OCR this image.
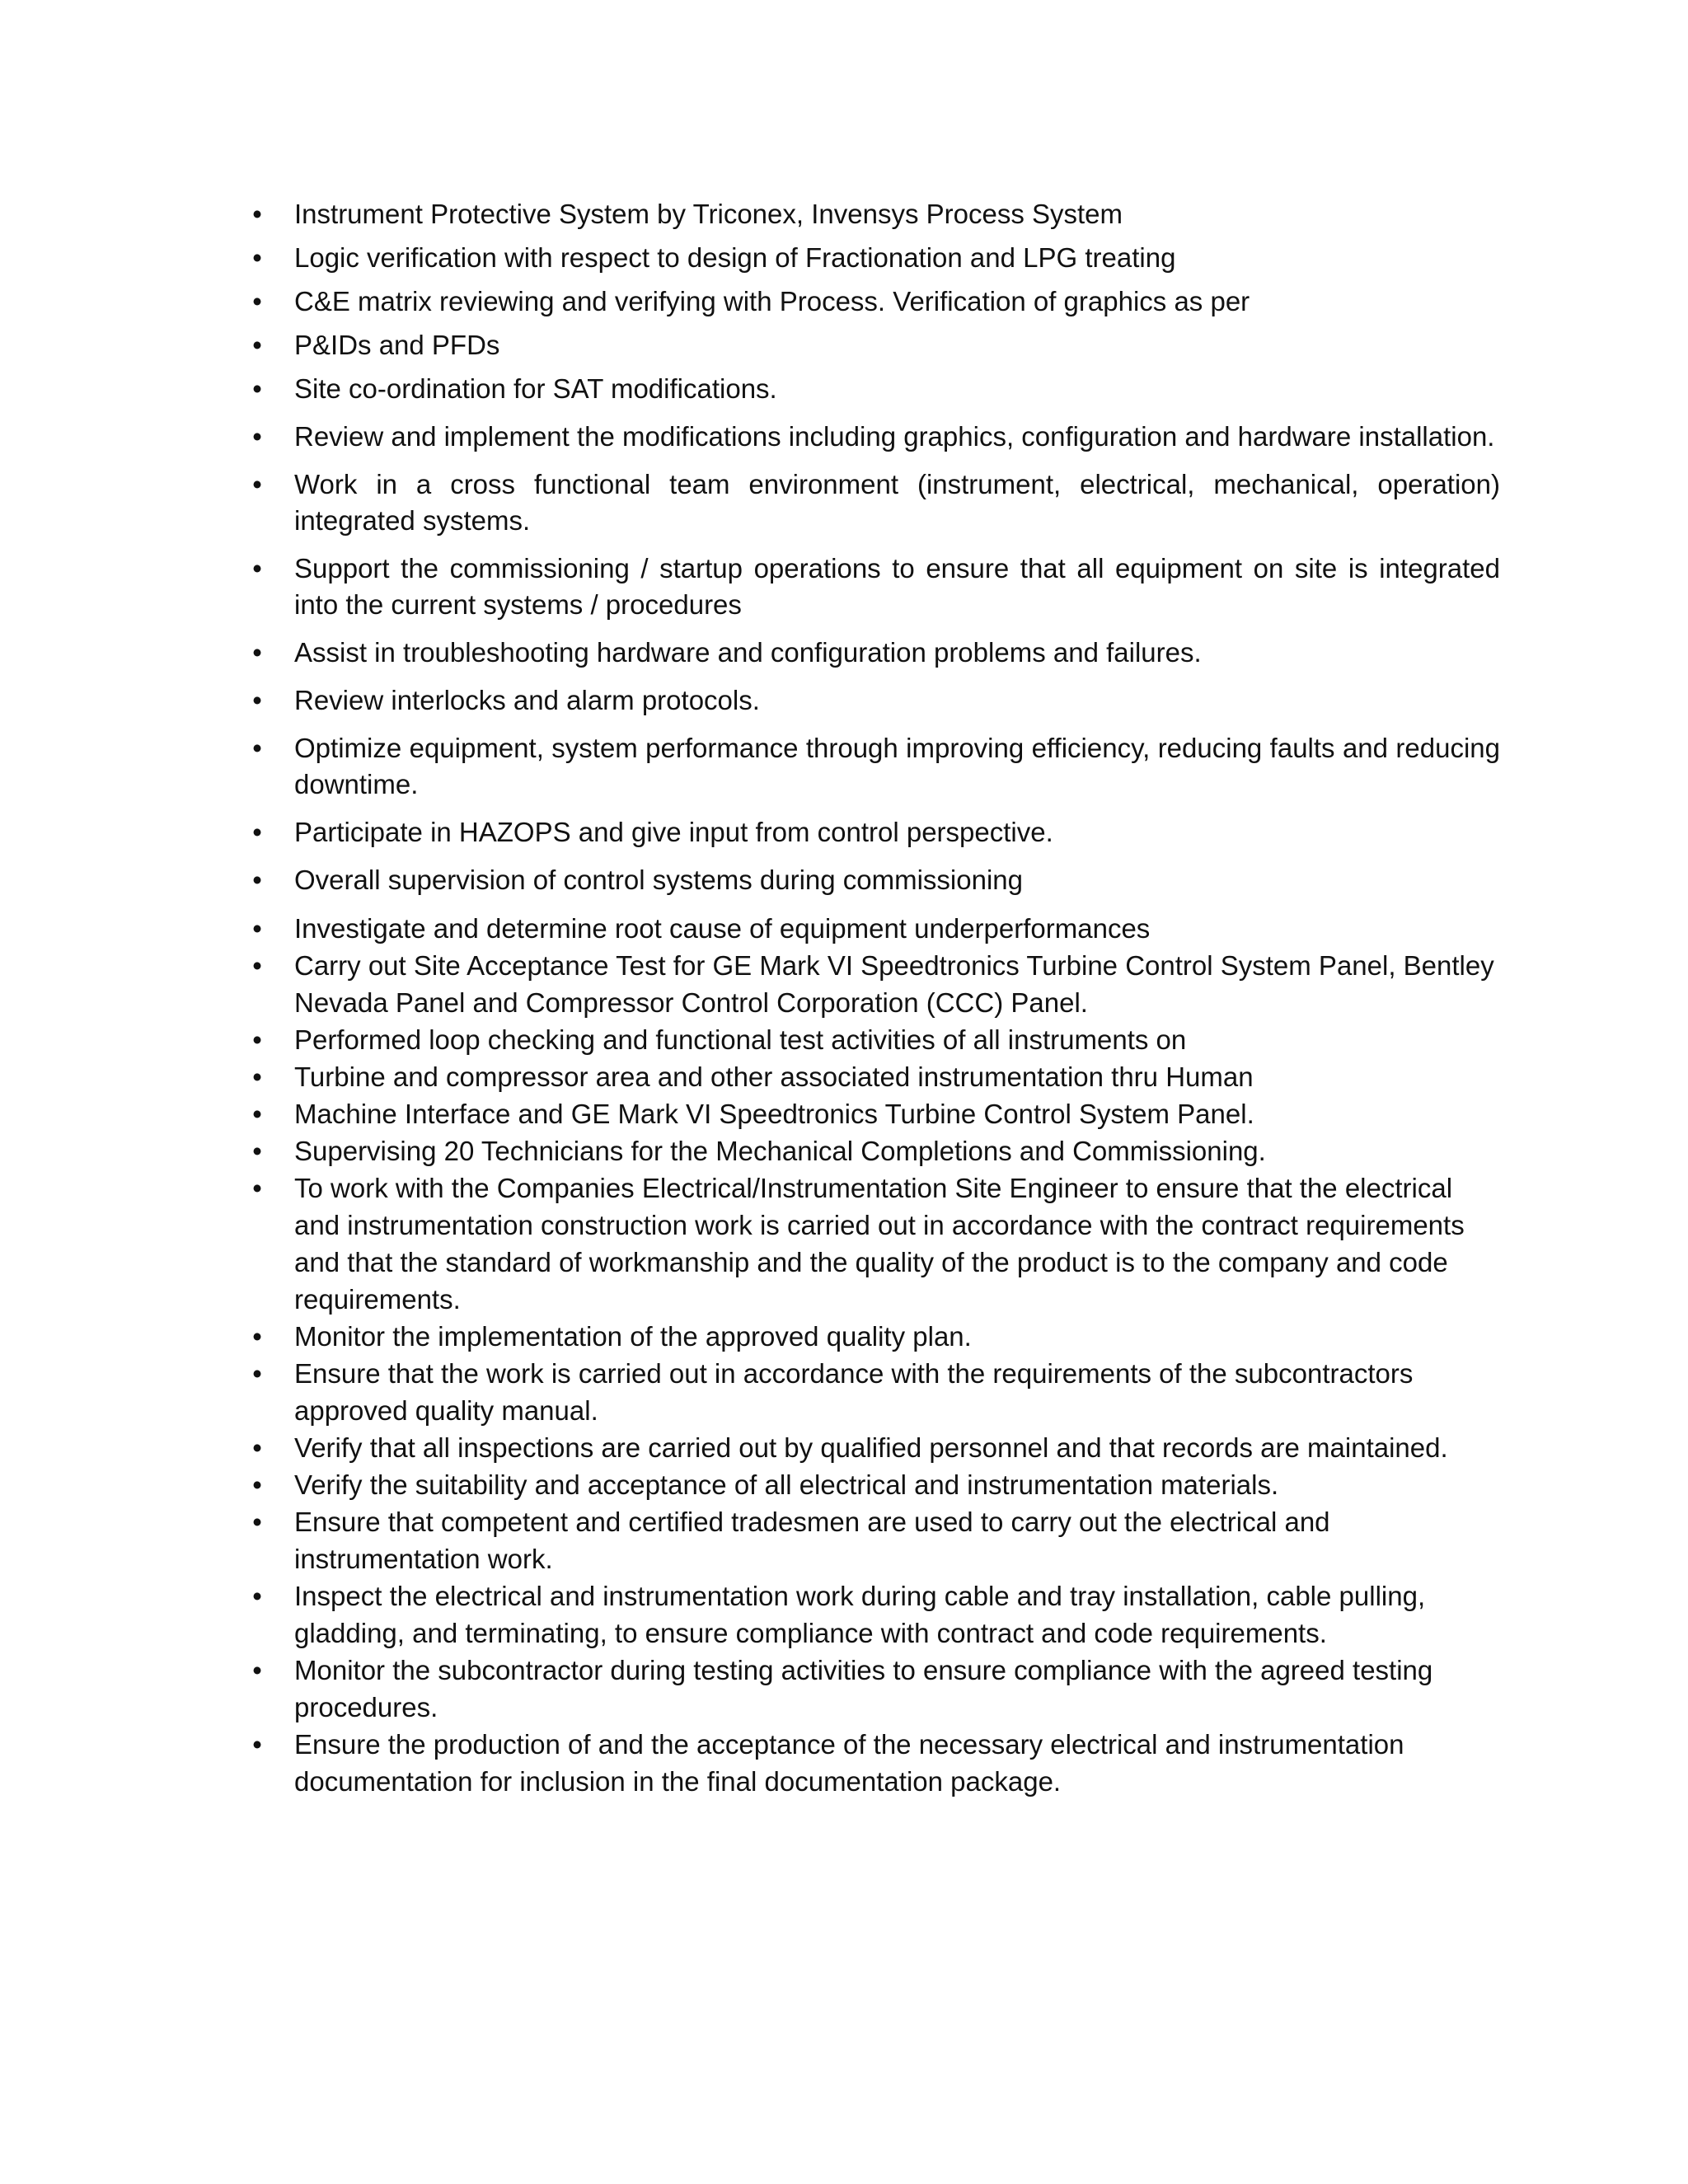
• Instrument Protective System by Triconex, Invensys Process System
• Logic verification with respect to design of Fractionation and LPG treating
• C&E matrix reviewing and verifying with Process. Verification of graphics as per
• P&IDs and PFDs
• Site co-ordination for SAT modifications.
• Review and implement the modifications including graphics, configuration and hardware installation.
• Work in a cross functional team environment (instrument, electrical, mechanical, operation) integrated systems.
• Support the commissioning / startup operations to ensure that all equipment on site is integrated into the current systems / procedures
• Assist in troubleshooting hardware and configuration problems and failures.
• Review interlocks and alarm protocols.
• Optimize equipment, system performance through improving efficiency, reducing faults and reducing downtime.
• Participate in HAZOPS and give input from control perspective.
• Overall supervision of control systems during commissioning
• Investigate and determine root cause of equipment underperformances
• Carry out Site Acceptance Test for GE Mark VI Speedtronics Turbine Control System Panel, Bentley Nevada Panel and Compressor Control Corporation (CCC) Panel.
• Performed loop checking and functional test activities of all instruments on
• Turbine and compressor area and other associated instrumentation thru Human
• Machine Interface and GE Mark VI Speedtronics Turbine Control System Panel.
• Supervising 20 Technicians for the Mechanical Completions and Commissioning.
• To work with the Companies Electrical/Instrumentation Site Engineer to ensure that the electrical and instrumentation construction work is carried out in accordance with the contract requirements and that the standard of workmanship and the quality of the product is to the company and code requirements.
• Monitor the implementation of the approved quality plan.
• Ensure that the work is carried out in accordance with the requirements of the subcontractors approved quality manual.
• Verify that all inspections are carried out by qualified personnel and that records are maintained.
• Verify the suitability and acceptance of all electrical and instrumentation materials.
• Ensure that competent and certified tradesmen are used to carry out the electrical and instrumentation work.
• Inspect the electrical and instrumentation work during cable and tray installation, cable pulling, gladding, and terminating, to ensure compliance with contract and code requirements.
• Monitor the subcontractor during testing activities to ensure compliance with the agreed testing procedures.
• Ensure the production of and the acceptance of the necessary electrical and instrumentation documentation for inclusion in the final documentation package.
